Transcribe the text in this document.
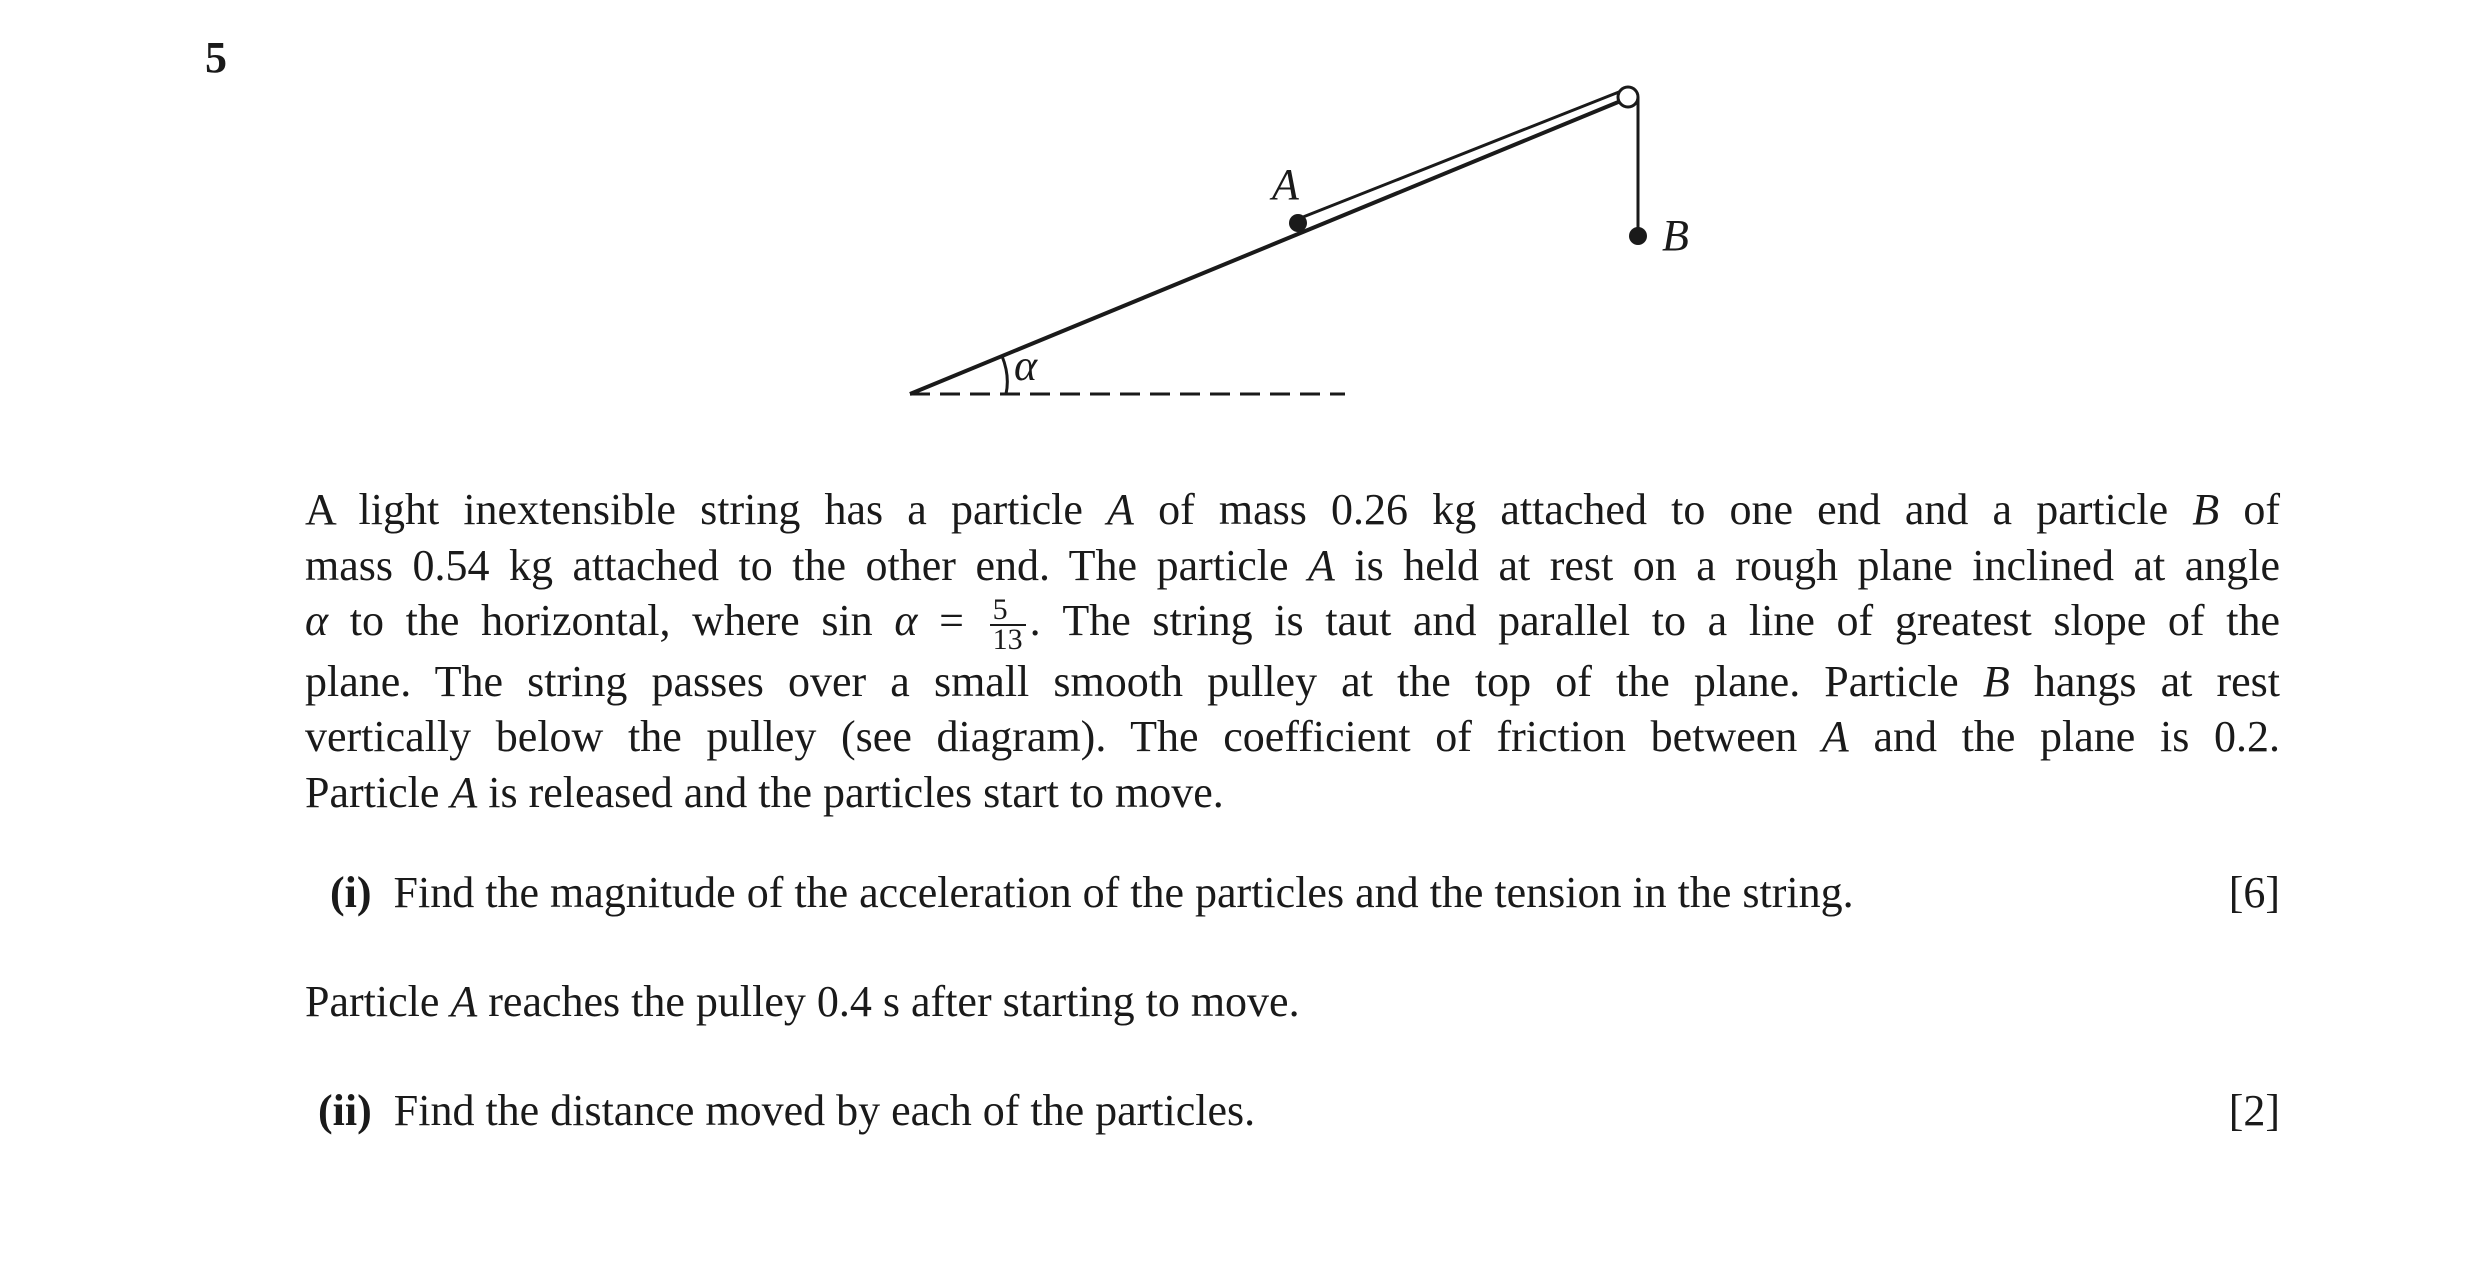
5
A
B
α
A light inextensible string has a particle A of mass 0.26 kg attached to one end and a particle B of
mass 0.54 kg attached to the other end. The particle A is held at rest on a rough plane inclined at angle
α to the horizontal, where $\sin \alpha = \frac{5}{13}$ . The string is taut and parallel to a line of greatest slope of the
plane. The string passes over a small smooth pulley at the top of the plane. Particle B hangs at rest
vertically below the pulley (see diagram). The coefficient of friction between A and the plane is 0.2.
Particle A is released and the particles start to move.
(i) Find the magnitude of the acceleration of the particles and the tension in the string.	[6]
Particle A reaches the pulley 0.4 s after starting to move.
(ii) Find the distance moved by each of the particles.	[2]
